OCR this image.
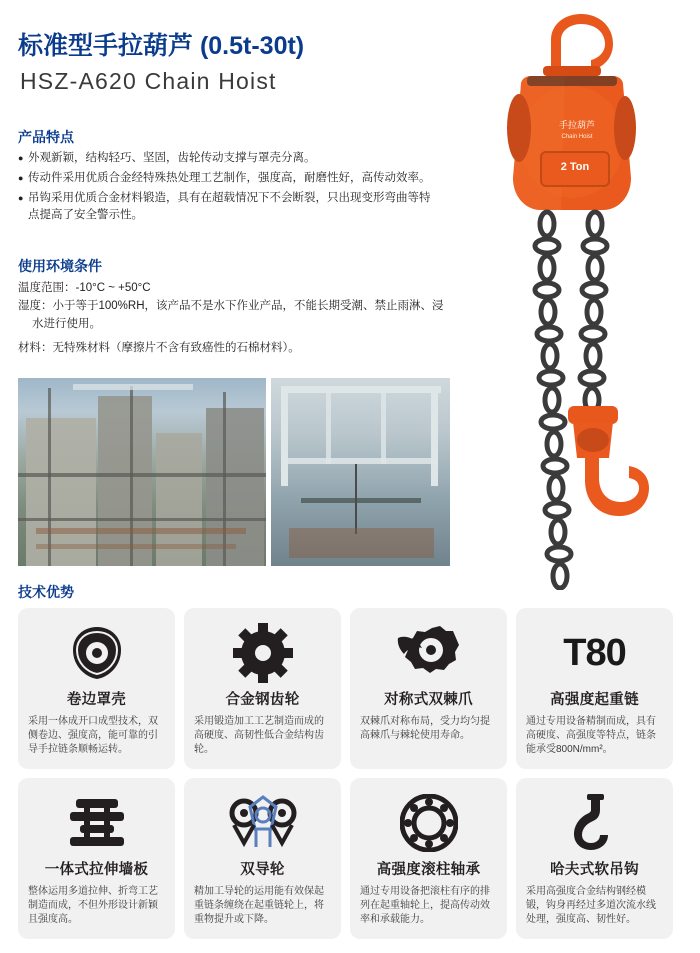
标准型手拉葫芦 (0.5t-30t)
HSZ-A620 Chain Hoist
产品特点
● 外观新颖，结构轻巧、坚固，齿轮传动支撑与罩壳分离。
● 传动件采用优质合金经特殊热处理工艺制作，强度高，耐磨性好，高传动效率。
● 吊钩采用优质合金材料锻造，具有在超载情况下不会断裂，只出现变形弯曲等特点提高了安全警示性。
使用环境条件
温度范围：-10°C ~ +50°C
湿度：小于等于100%RH，该产品不是水下作业产品，不能长期受潮、禁止雨淋、浸
水进行使用。
材料：无特殊材料（摩擦片不含有致癌性的石棉材料）。
技术优势
卷边罩壳
采用一体成开口成型技术，双侧卷边、强度高，能可靠的引导手拉链条顺畅运转。
合金钢齿轮
采用锻造加工工艺制造而成的高硬度、高韧性低合金结构齿轮。
对称式双棘爪
双棘爪对称布局，受力均匀提高棘爪与棘轮使用寿命。
T80
高强度起重链
通过专用设备精制而成，具有高硬度、高强度等特点，链条能承受800N/mm²。
一体式拉伸墙板
整体运用多道拉伸、折弯工艺制造而成，不但外形设计新颖且强度高。
双导轮
精加工导轮的运用能有效保起重链条缠绕在起重链轮上，将重物提升或下降。
高强度滚柱轴承
通过专用设备把滚柱有序的排列在起重轴轮上，提高传动效率和承载能力。
哈夫式软吊钩
采用高强度合金结构钢经模锻，钩身再经过多道次流水线处理，强度高、韧性好。
2 Ton
手拉葫芦
Chain Hoist
